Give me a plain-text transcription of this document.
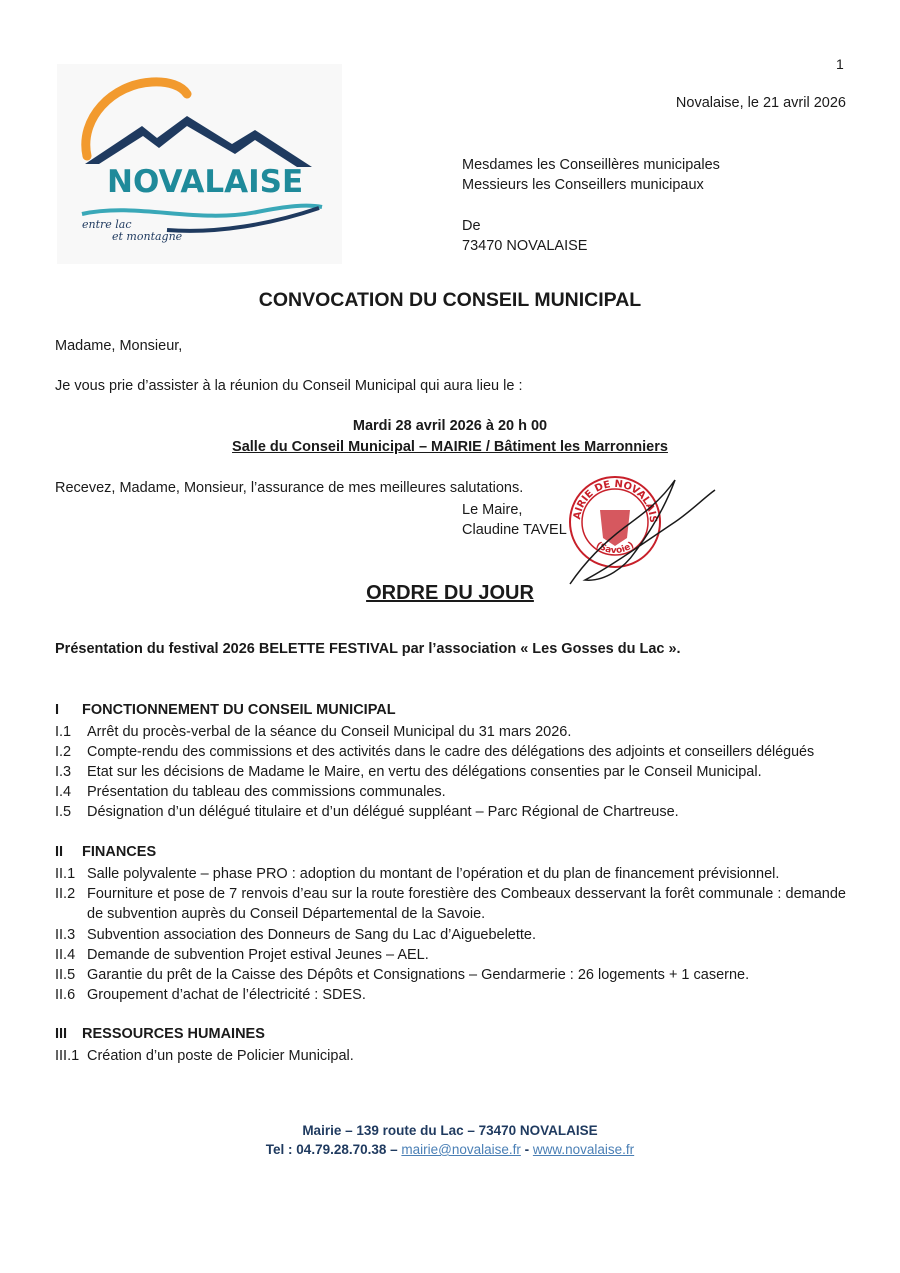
1
NOVALAISE
entre lac
et montagne
Novalaise, le 21 avril 2026
Mesdames les Conseillères municipales
Messieurs les Conseillers municipaux
De
73470 NOVALAISE
CONVOCATION DU CONSEIL MUNICIPAL
Madame, Monsieur,
Je vous prie d’assister à la réunion du Conseil Municipal qui aura lieu le :
Mardi 28 avril 2026 à 20 h 00
Salle du Conseil Municipal – MAIRIE / Bâtiment les Marronniers
Recevez, Madame, Monsieur, l’assurance de mes meilleures salutations.
Le Maire,
Claudine TAVEL
AIRIE DE NOVALAIS
(Savoie)
ORDRE DU JOUR
Présentation du festival 2026 BELETTE FESTIVAL par l’association « Les Gosses du Lac ».
I FONCTIONNEMENT DU CONSEIL MUNICIPAL
I.1 Arrêt du procès-verbal de la séance du Conseil Municipal du 31 mars 2026.
I.2 Compte-rendu des commissions et des activités dans le cadre des délégations des adjoints et conseillers délégués
I.3 Etat sur les décisions de Madame le Maire, en vertu des délégations consenties par le Conseil Municipal.
I.4 Présentation du tableau des commissions communales.
I.5 Désignation d’un délégué titulaire et d’un délégué suppléant – Parc Régional de Chartreuse.
II FINANCES
II.1 Salle polyvalente – phase PRO : adoption du montant de l’opération et du plan de financement prévisionnel.
II.2 Fourniture et pose de 7 renvois d’eau sur la route forestière des Combeaux desservant la forêt communale : demande de subvention auprès du Conseil Départemental de la Savoie.
II.3 Subvention association des Donneurs de Sang du Lac d’Aiguebelette.
II.4 Demande de subvention Projet estival Jeunes – AEL.
II.5 Garantie du prêt de la Caisse des Dépôts et Consignations – Gendarmerie : 26 logements + 1 caserne.
II.6 Groupement d’achat de l’électricité : SDES.
III RESSOURCES HUMAINES
III.1 Création d’un poste de Policier Municipal.
Mairie – 139 route du Lac – 73470 NOVALAISE
Tel : 04.79.28.70.38 – mairie@novalaise.fr - www.novalaise.fr
